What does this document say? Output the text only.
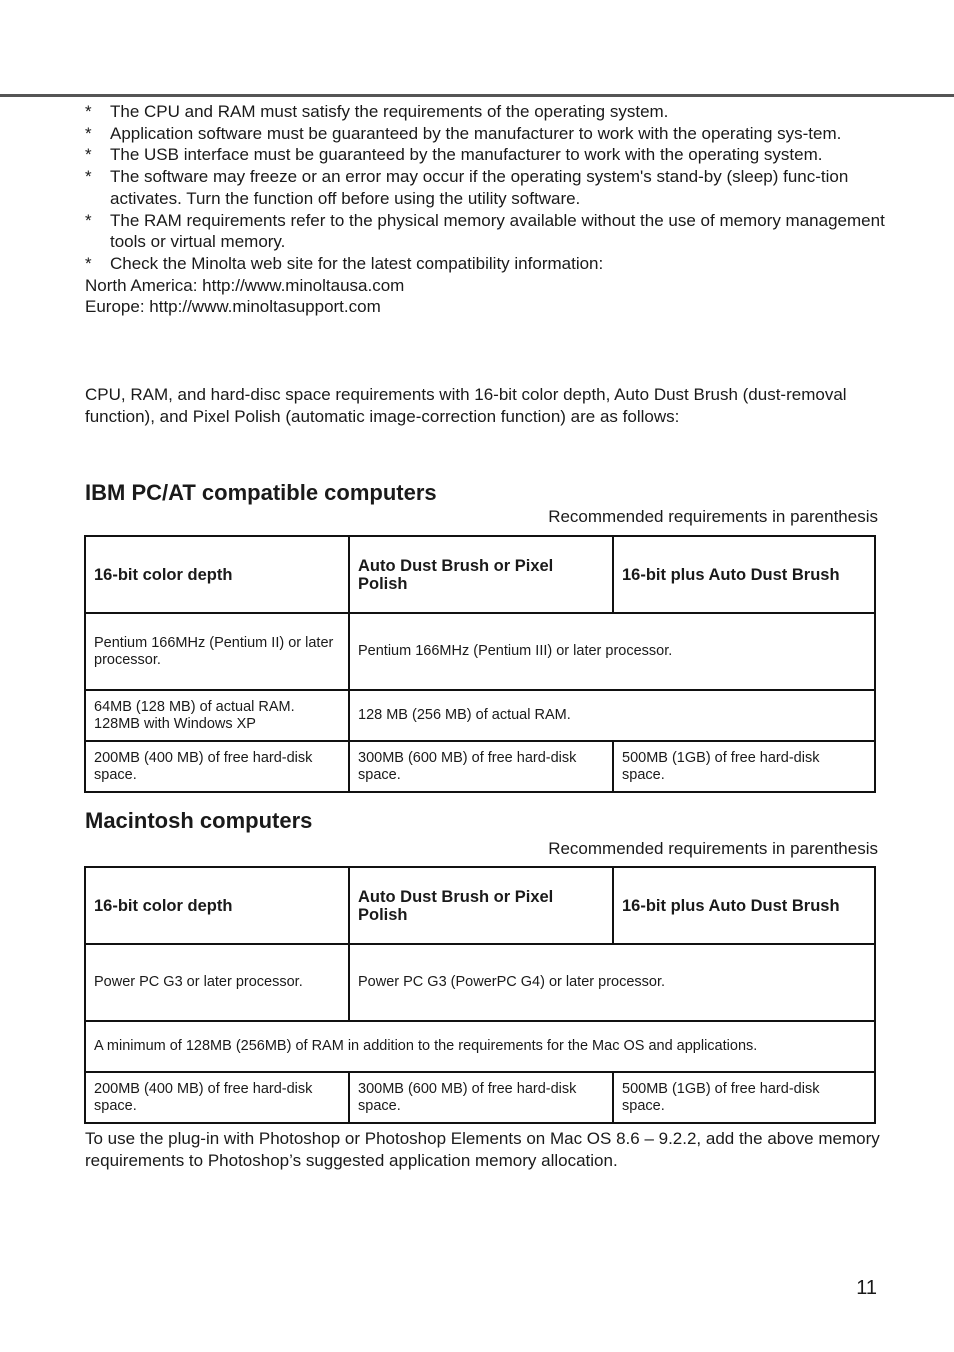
* The CPU and RAM must satisfy the requirements of the operating system.
* Application software must be guaranteed by the manufacturer to work with the operating sys-tem.
* The USB interface must be guaranteed by the manufacturer to work with the operating system.
* The software may freeze or an error may occur if the operating system's stand-by (sleep) func-tion activates. Turn the function off before using the utility software.
* The RAM requirements refer to the physical memory available without the use of memory management tools or virtual memory.
* Check the Minolta web site for the latest compatibility information:
North America: http://www.minoltausa.com
Europe: http://www.minoltasupport.com
CPU, RAM, and hard-disc space requirements with 16-bit color depth, Auto Dust Brush (dust-removal function), and Pixel Polish (automatic image-correction function) are as follows:
IBM PC/AT compatible computers
Recommended requirements in parenthesis
16-bit color depth	Auto Dust Brush or Pixel Polish	16-bit plus Auto Dust Brush
Pentium 166MHz (Pentium II) or later processor.	Pentium 166MHz (Pentium III) or later processor.	
64MB (128 MB) of actual RAM. 128MB with Windows XP	128 MB (256 MB) of actual RAM.	
200MB (400 MB) of free hard-disk space.	300MB (600 MB) of free hard-disk space.	500MB (1GB) of free hard-disk space.
Macintosh computers
Recommended requirements in parenthesis
16-bit color depth	Auto Dust Brush or Pixel Polish	16-bit plus Auto Dust Brush
Power PC G3 or later processor.	Power PC G3 (PowerPC G4) or later processor.	
A minimum of 128MB (256MB) of RAM in addition to the requirements for the Mac OS and applications.		
200MB (400 MB) of free hard-disk space.	300MB (600 MB) of free hard-disk space.	500MB (1GB) of free hard-disk space.
To use the plug-in with Photoshop or Photoshop Elements on Mac OS 8.6 – 9.2.2, add the above memory requirements to Photoshop’s suggested application memory allocation.
11
